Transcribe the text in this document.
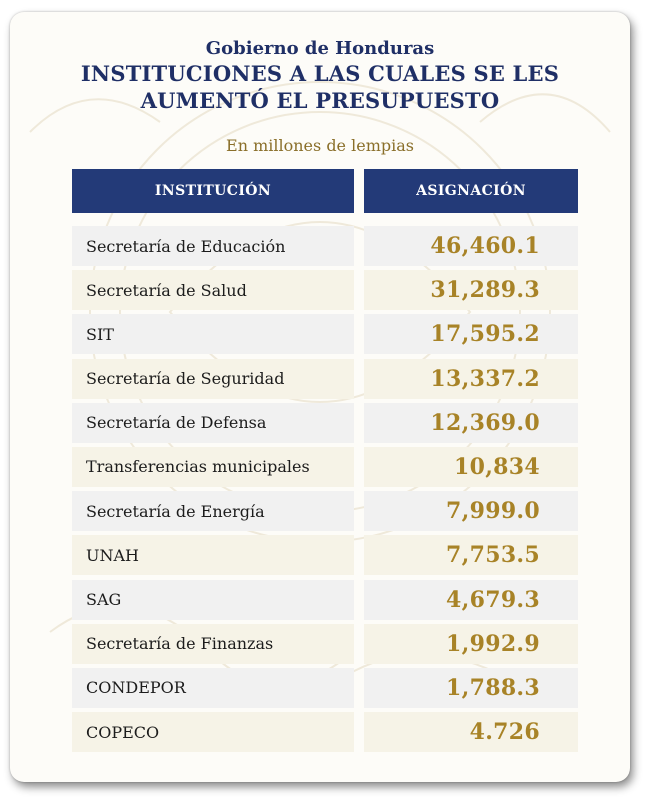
Gobierno de Honduras
INSTITUCIONES A LAS CUALES SE LES
AUMENTÓ EL PRESUPUESTO
En millones de lempias
INSTITUCIÓN	ASIGNACIÓN
Secretaría de Educación	46,460.1
Secretaría de Salud	31,289.3
SIT	17,595.2
Secretaría de Seguridad	13,337.2
Secretaría de Defensa	12,369.0
Transferencias municipales	10,834
Secretaría de Energía	7,999.0
UNAH	7,753.5
SAG	4,679.3
Secretaría de Finanzas	1,992.9
CONDEPOR	1,788.3
COPECO	4.726
